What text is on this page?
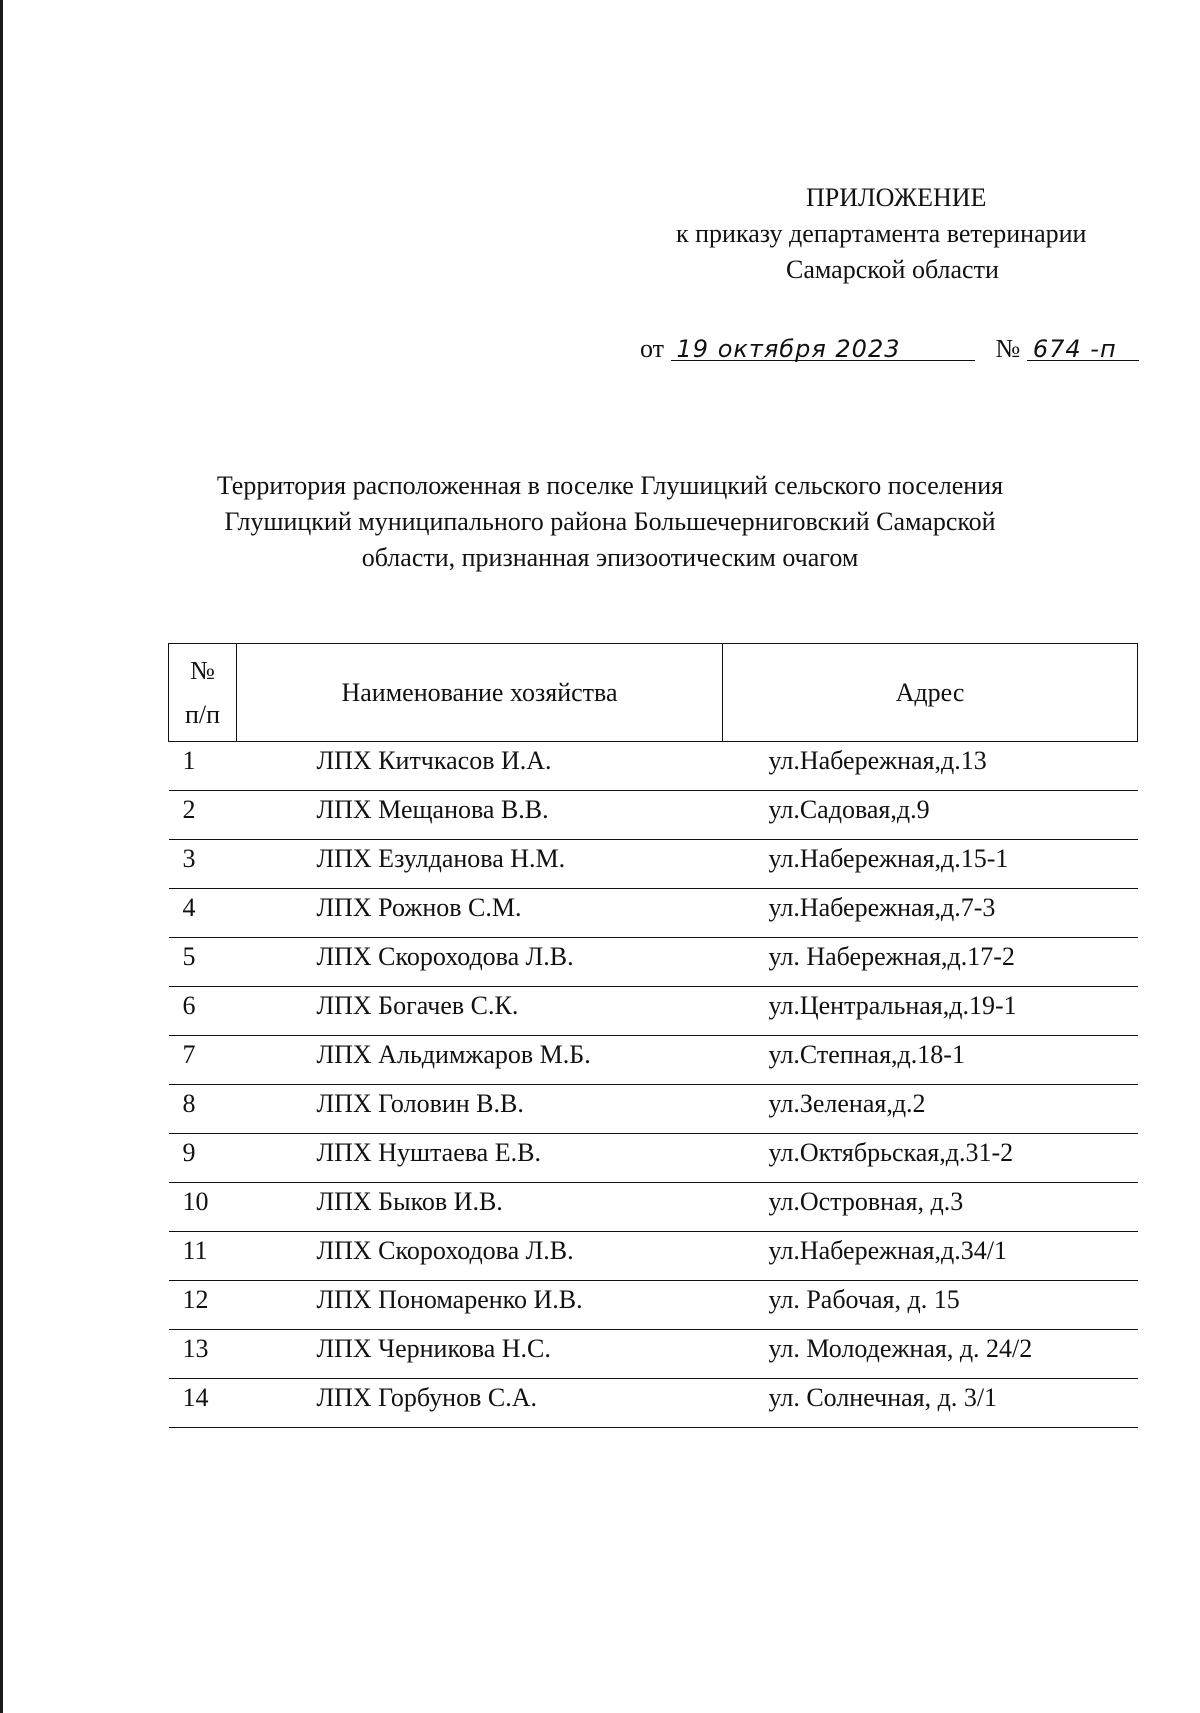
ПРИЛОЖЕНИЕ
к приказу департамента ветеринарии
Самарской области
от 19 октября 2023	№ 674 -п
Территория расположенная в поселке Глушицкий сельского поселения
Глушицкий муниципального района Большечерниговский Самарской
области, признанная эпизоотическим очагом
№
п/п	Наименование хозяйства	Адрес
1	ЛПХ Китчкасов И.А.	ул.Набережная,д.13
2	ЛПХ Мещанова В.В.	ул.Садовая,д.9
3	ЛПХ Езулданова Н.М.	ул.Набережная,д.15-1
4	ЛПХ Рожнов С.М.	ул.Набережная,д.7-3
5	ЛПХ Скороходова Л.В.	ул. Набережная,д.17-2
6	ЛПХ Богачев С.К.	ул.Центральная,д.19-1
7	ЛПХ Альдимжаров М.Б.	ул.Степная,д.18-1
8	ЛПХ Головин В.В.	ул.Зеленая,д.2
9	ЛПХ Нуштаева Е.В.	ул.Октябрьская,д.31-2
10	ЛПХ Быков И.В.	ул.Островная, д.3
11	ЛПХ Скороходова Л.В.	ул.Набережная,д.34/1
12	ЛПХ Пономаренко И.В.	ул. Рабочая, д. 15
13	ЛПХ Черникова Н.С.	ул. Молодежная, д. 24/2
14	ЛПХ Горбунов С.А.	ул. Солнечная, д. 3/1
